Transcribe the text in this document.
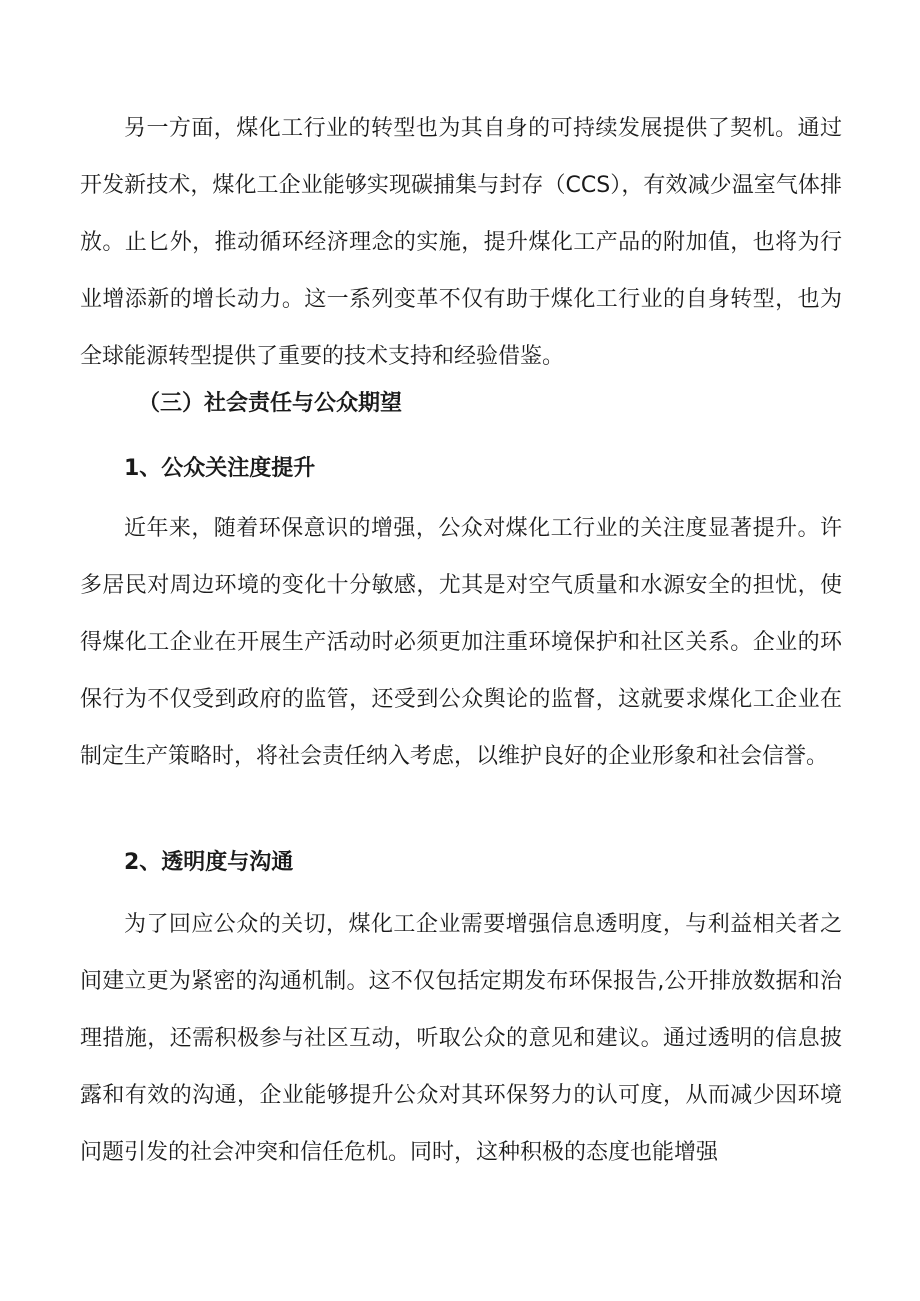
另一方面，煤化工行业的转型也为其自身的可持续发展提供了契机。通过开发新技术，煤化工企业能够实现碳捕集与封存（CCS），有效减少温室气体排放。止匕外，推动循环经济理念的实施，提升煤化工产品的附加值，也将为行业增添新的增长动力。这一系列变革不仅有助于煤化工行业的自身转型，也为全球能源转型提供了重要的技术支持和经验借鉴。

（三）社会责任与公众期望
1、公众关注度提升

近年来，随着环保意识的增强，公众对煤化工行业的关注度显著提升。许多居民对周边环境的变化十分敏感，尤其是对空气质量和水源安全的担忧，使得煤化工企业在开展生产活动时必须更加注重环境保护和社区关系。企业的环保行为不仅受到政府的监管，还受到公众舆论的监督，这就要求煤化工企业在制定生产策略时，将社会责任纳入考虑，以维护良好的企业形象和社会信誉。

2、透明度与沟通

为了回应公众的关切，煤化工企业需要增强信息透明度，与利益相关者之间建立更为紧密的沟通机制。这不仅包括定期发布环保报告,公开排放数据和治理措施，还需积极参与社区互动，听取公众的意见和建议。通过透明的信息披露和有效的沟通，企业能够提升公众对其环保努力的认可度，从而减少因环境问题引发的社会冲突和信任危机。同时，这种积极的态度也能增强
